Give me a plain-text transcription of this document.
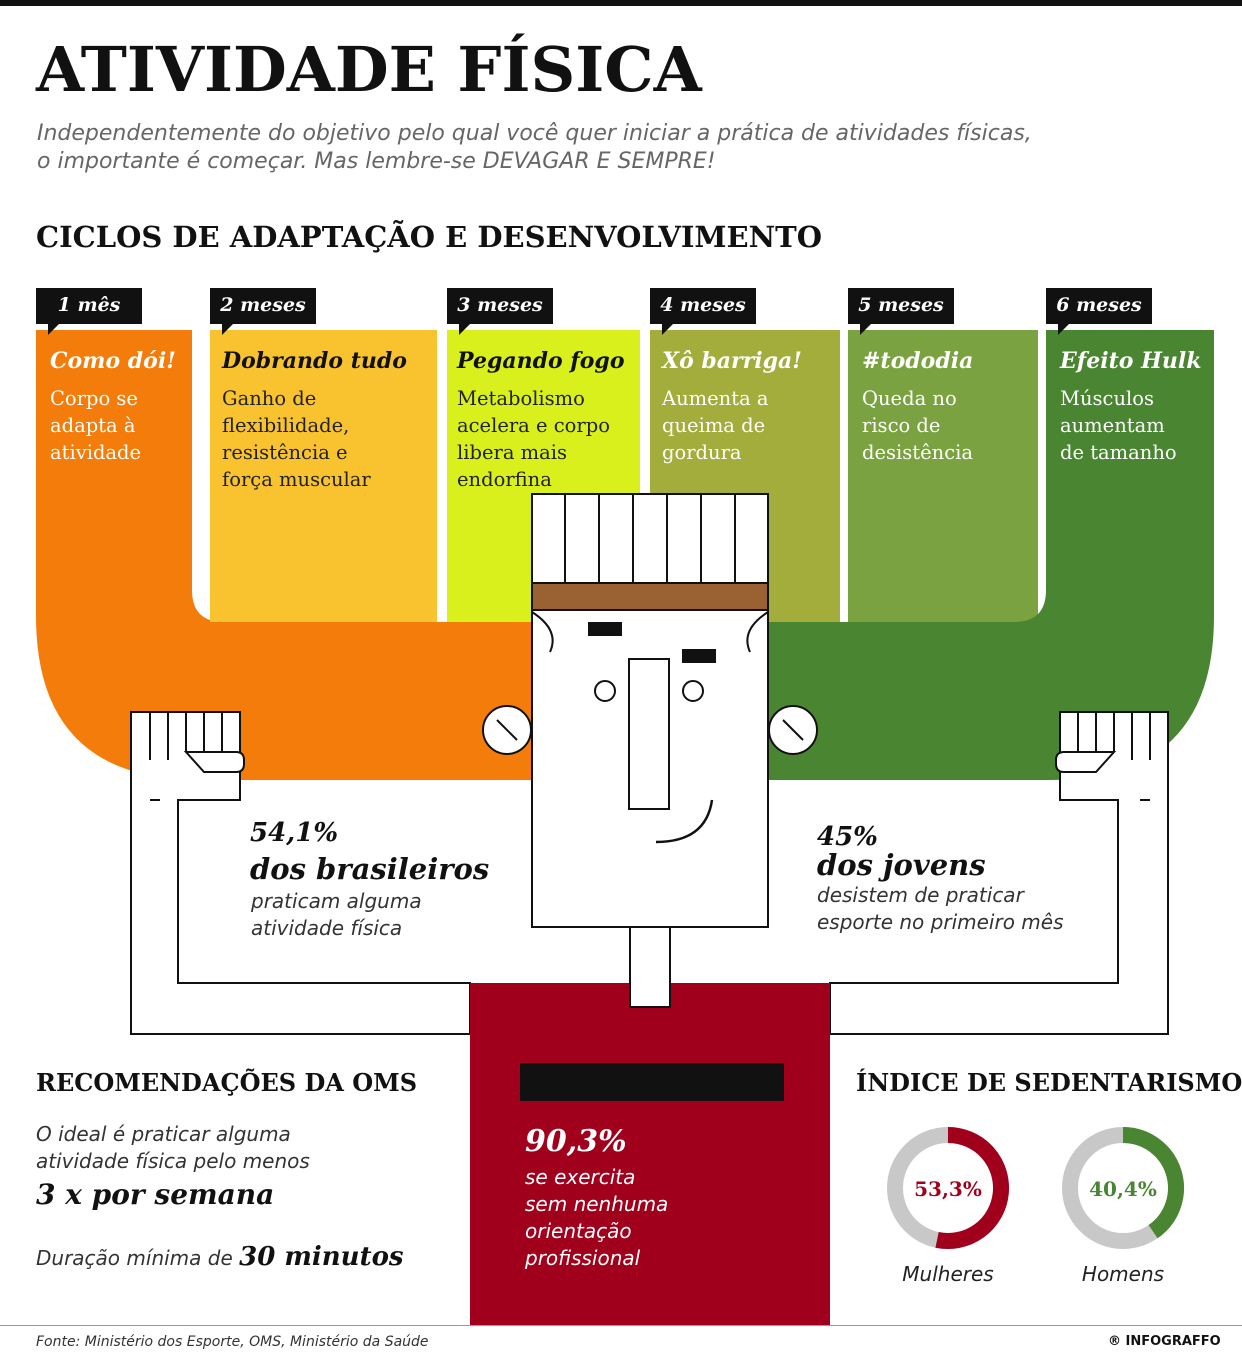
ATIVIDADE FÍSICA
Independentemente do objetivo pelo qual você quer iniciar a prática de atividades físicas, o importante é começar. Mas lembre-se DEVAGAR E SEMPRE!
CICLOS DE ADAPTAÇÃO E DESENVOLVIMENTO
1 mês	2 meses	3 meses	4 meses	5 meses	6 meses
Como dói! Dobrando tudo Pegando fogo Xô barriga!	#tododia	Efeito Hulk
Corpo se
adapta à
atividade
Ganho de
flexibilidade,
resistência e
força muscular
Metabolismo
acelera e corpo
libera mais
endorfina
Aumenta a
queima de
gordura
Queda no
risco de
desistência
Músculos
aumentam
de tamanho
54,1%
dos brasileiros
praticam alguma
atividade física
45%
dos jovens
desistem de praticar
esporte no primeiro mês
90,3%
se exercita
sem nenhuma
orientação
profissional
RECOMENDAÇÕES DA OMS
O ideal é praticar alguma
atividade física pelo menos
3 x por semana
Duração mínima de 30 minutos
ÍNDICE DE SEDENTARISMO
53,3%	40,4%
Mulheres	Homens
Fonte: Ministério dos Esporte, OMS, Ministério da Saúde	® INFOGRAFFO
